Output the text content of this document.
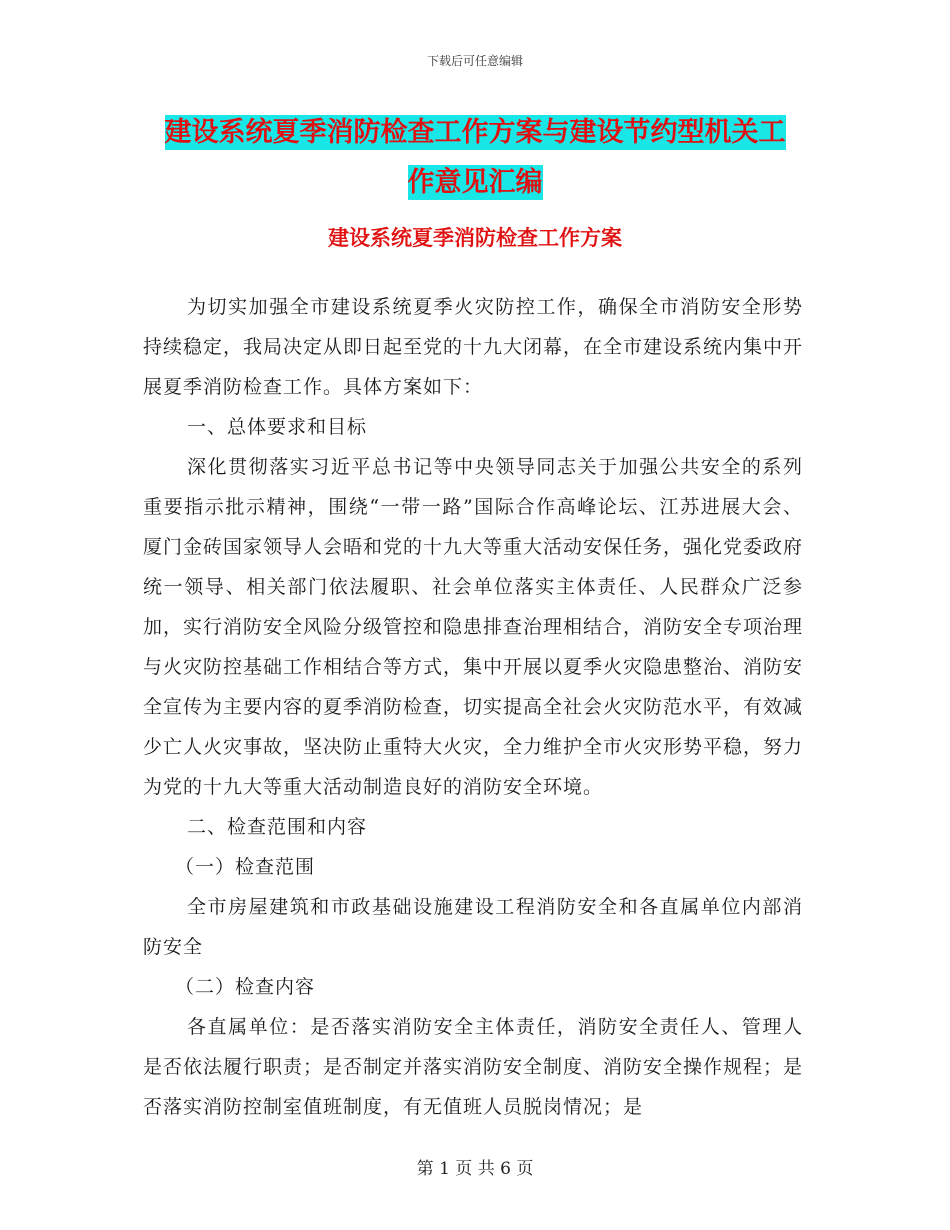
下载后可任意编辑
建设系统夏季消防检查工作方案与建设节约型机关工
作意见汇编
建设系统夏季消防检查工作方案

为切实加强全市建设系统夏季火灾防控工作，确保全市消防安全形势持续稳定，我局决定从即日起至党的十九大闭幕，在全市建设系统内集中开展夏季消防检查工作。具体方案如下：

一、总体要求和目标

深化贯彻落实习近平总书记等中央领导同志关于加强公共安全的系列重要指示批示精神，围绕“一带一路”国际合作高峰论坛、江苏进展大会、厦门金砖国家领导人会晤和党的十九大等重大活动安保任务，强化党委政府统一领导、相关部门依法履职、社会单位落实主体责任、人民群众广泛参加，实行消防安全风险分级管控和隐患排查治理相结合，消防安全专项治理与火灾防控基础工作相结合等方式，集中开展以夏季火灾隐患整治、消防安全宣传为主要内容的夏季消防检查，切实提高全社会火灾防范水平，有效减少亡人火灾事故，坚决防止重特大火灾，全力维护全市火灾形势平稳，努力为党的十九大等重大活动制造良好的消防安全环境。

二、检查范围和内容

（一）检查范围

全市房屋建筑和市政基础设施建设工程消防安全和各直属单位内部消防安全

（二）检查内容

各直属单位：是否落实消防安全主体责任，消防安全责任人、管理人是否依法履行职责；是否制定并落实消防安全制度、消防安全操作规程；是否落实消防控制室值班制度，有无值班人员脱岗情况；是

第 1 页 共 6 页
